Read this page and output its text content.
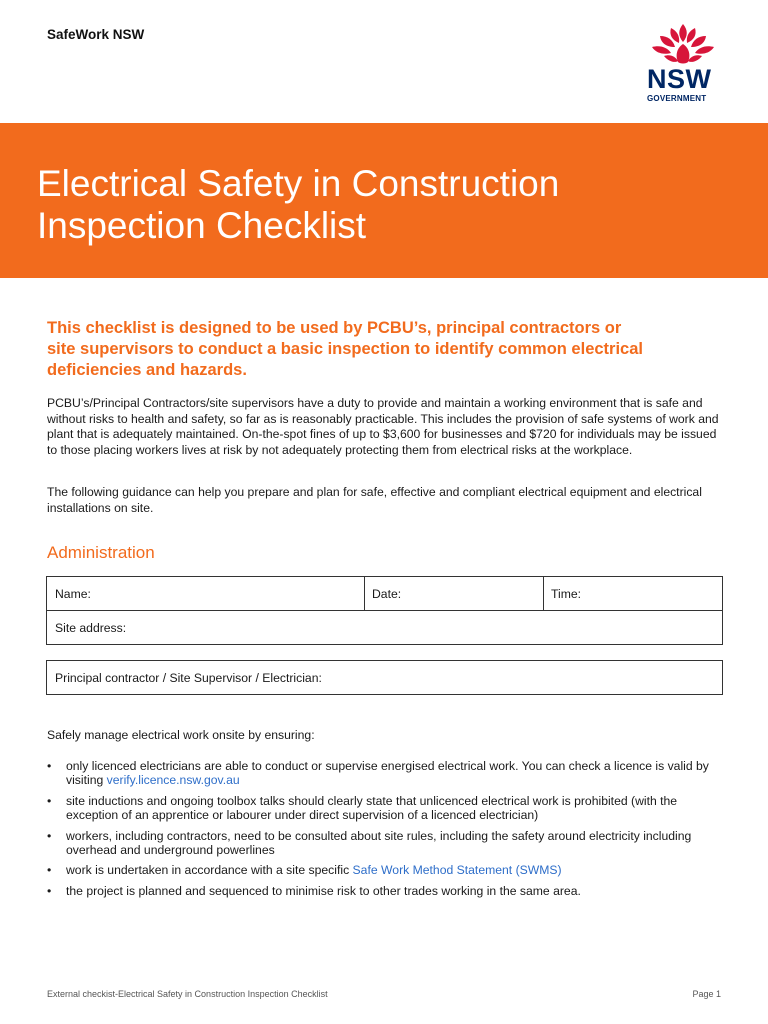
SafeWork NSW
NSW
GOVERNMENT
Electrical Safety in Construction
Inspection Checklist
This checklist is designed to be used by PCBU’s, principal contractors or
site supervisors to conduct a basic inspection to identify common electrical
deficiencies and hazards.

PCBU’s/Principal Contractors/site supervisors have a duty to provide and maintain a working environment that is safe and without risks to health and safety, so far as is reasonably practicable. This includes the provision of safe systems of work and plant that is adequately maintained. On-the-spot fines of up to $3,600 for businesses and $720 for individuals may be issued to those placing workers lives at risk by not adequately protecting them from electrical risks at the workplace.

The following guidance can help you prepare and plan for safe, effective and compliant electrical equipment and electrical installations on site.

Administration
Name:	Date:	Time:
Site address:
Principal contractor / Site Supervisor / Electrician:
Safely manage electrical work onsite by ensuring:
• only licenced electricians are able to conduct or supervise energised electrical work. You can check a licence is valid by visiting verify.licence.nsw.gov.au
• site inductions and ongoing toolbox talks should clearly state that unlicenced electrical work is prohibited (with the exception of an apprentice or labourer under direct supervision of a licenced electrician)
• workers, including contractors, need to be consulted about site rules, including the safety around electricity including overhead and underground powerlines
• work is undertaken in accordance with a site specific Safe Work Method Statement (SWMS)
• the project is planned and sequenced to minimise risk to other trades working in the same area.
External checkist-Electrical Safety in Construction Inspection Checklist	Page 1
